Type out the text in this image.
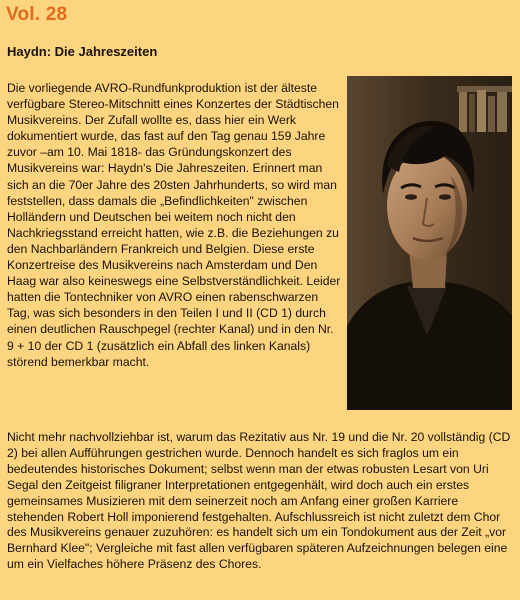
Vol. 28
Haydn: Die Jahreszeiten

Die vorliegende AVRO-Rundfunkproduktion ist der älteste verfügbare Stereo-Mitschnitt eines Konzertes der Städtischen Musikvereins. Der Zufall wollte es, dass hier ein Werk dokumentiert wurde, das fast auf den Tag genau 159 Jahre zuvor –am 10. Mai 1818- das Gründungskonzert des Musikvereins war: Haydn's Die Jahreszeiten. Erinnert man sich an die 70er Jahre des 20sten Jahrhunderts, so wird man feststellen, dass damals die „Befindlichkeiten" zwischen Holländern und Deutschen bei weitem noch nicht den Nachkriegsstand erreicht hatten, wie z.B. die Beziehungen zu den Nachbarländern Frankreich und Belgien. Diese erste Konzertreise des Musikvereins nach Amsterdam und Den Haag war also keineswegs eine Selbstverständlichkeit. Leider hatten die Tontechniker von AVRO einen rabenschwarzen Tag, was sich besonders in den Teilen I und II (CD 1) durch einen deutlichen Rauschpegel (rechter Kanal) und in den Nr. 9 + 10 der CD 1 (zusätzlich ein Abfall des linken Kanals) störend bemerkbar macht.

Nicht mehr nachvollziehbar ist, warum das Rezitativ aus Nr. 19 und die Nr. 20 vollständig (CD 2) bei allen Aufführungen gestrichen wurde. Dennoch handelt es sich fraglos um ein bedeutendes historisches Dokument; selbst wenn man der etwas robusten Lesart von Uri Segal den Zeitgeist filigraner Interpretationen entgegenhält, wird doch auch ein erstes gemeinsames Musizieren mit dem seinerzeit noch am Anfang einer großen Karriere stehenden Robert Holl imponierend festgehalten. Aufschlussreich ist nicht zuletzt dem Chor des Musikvereins genauer zuzuhören: es handelt sich um ein Tondokument aus der Zeit „vor Bernhard Klee"; Vergleiche mit fast allen verfügbaren späteren Aufzeichnungen belegen eine um ein Vielfaches höhere Präsenz des Chores.
